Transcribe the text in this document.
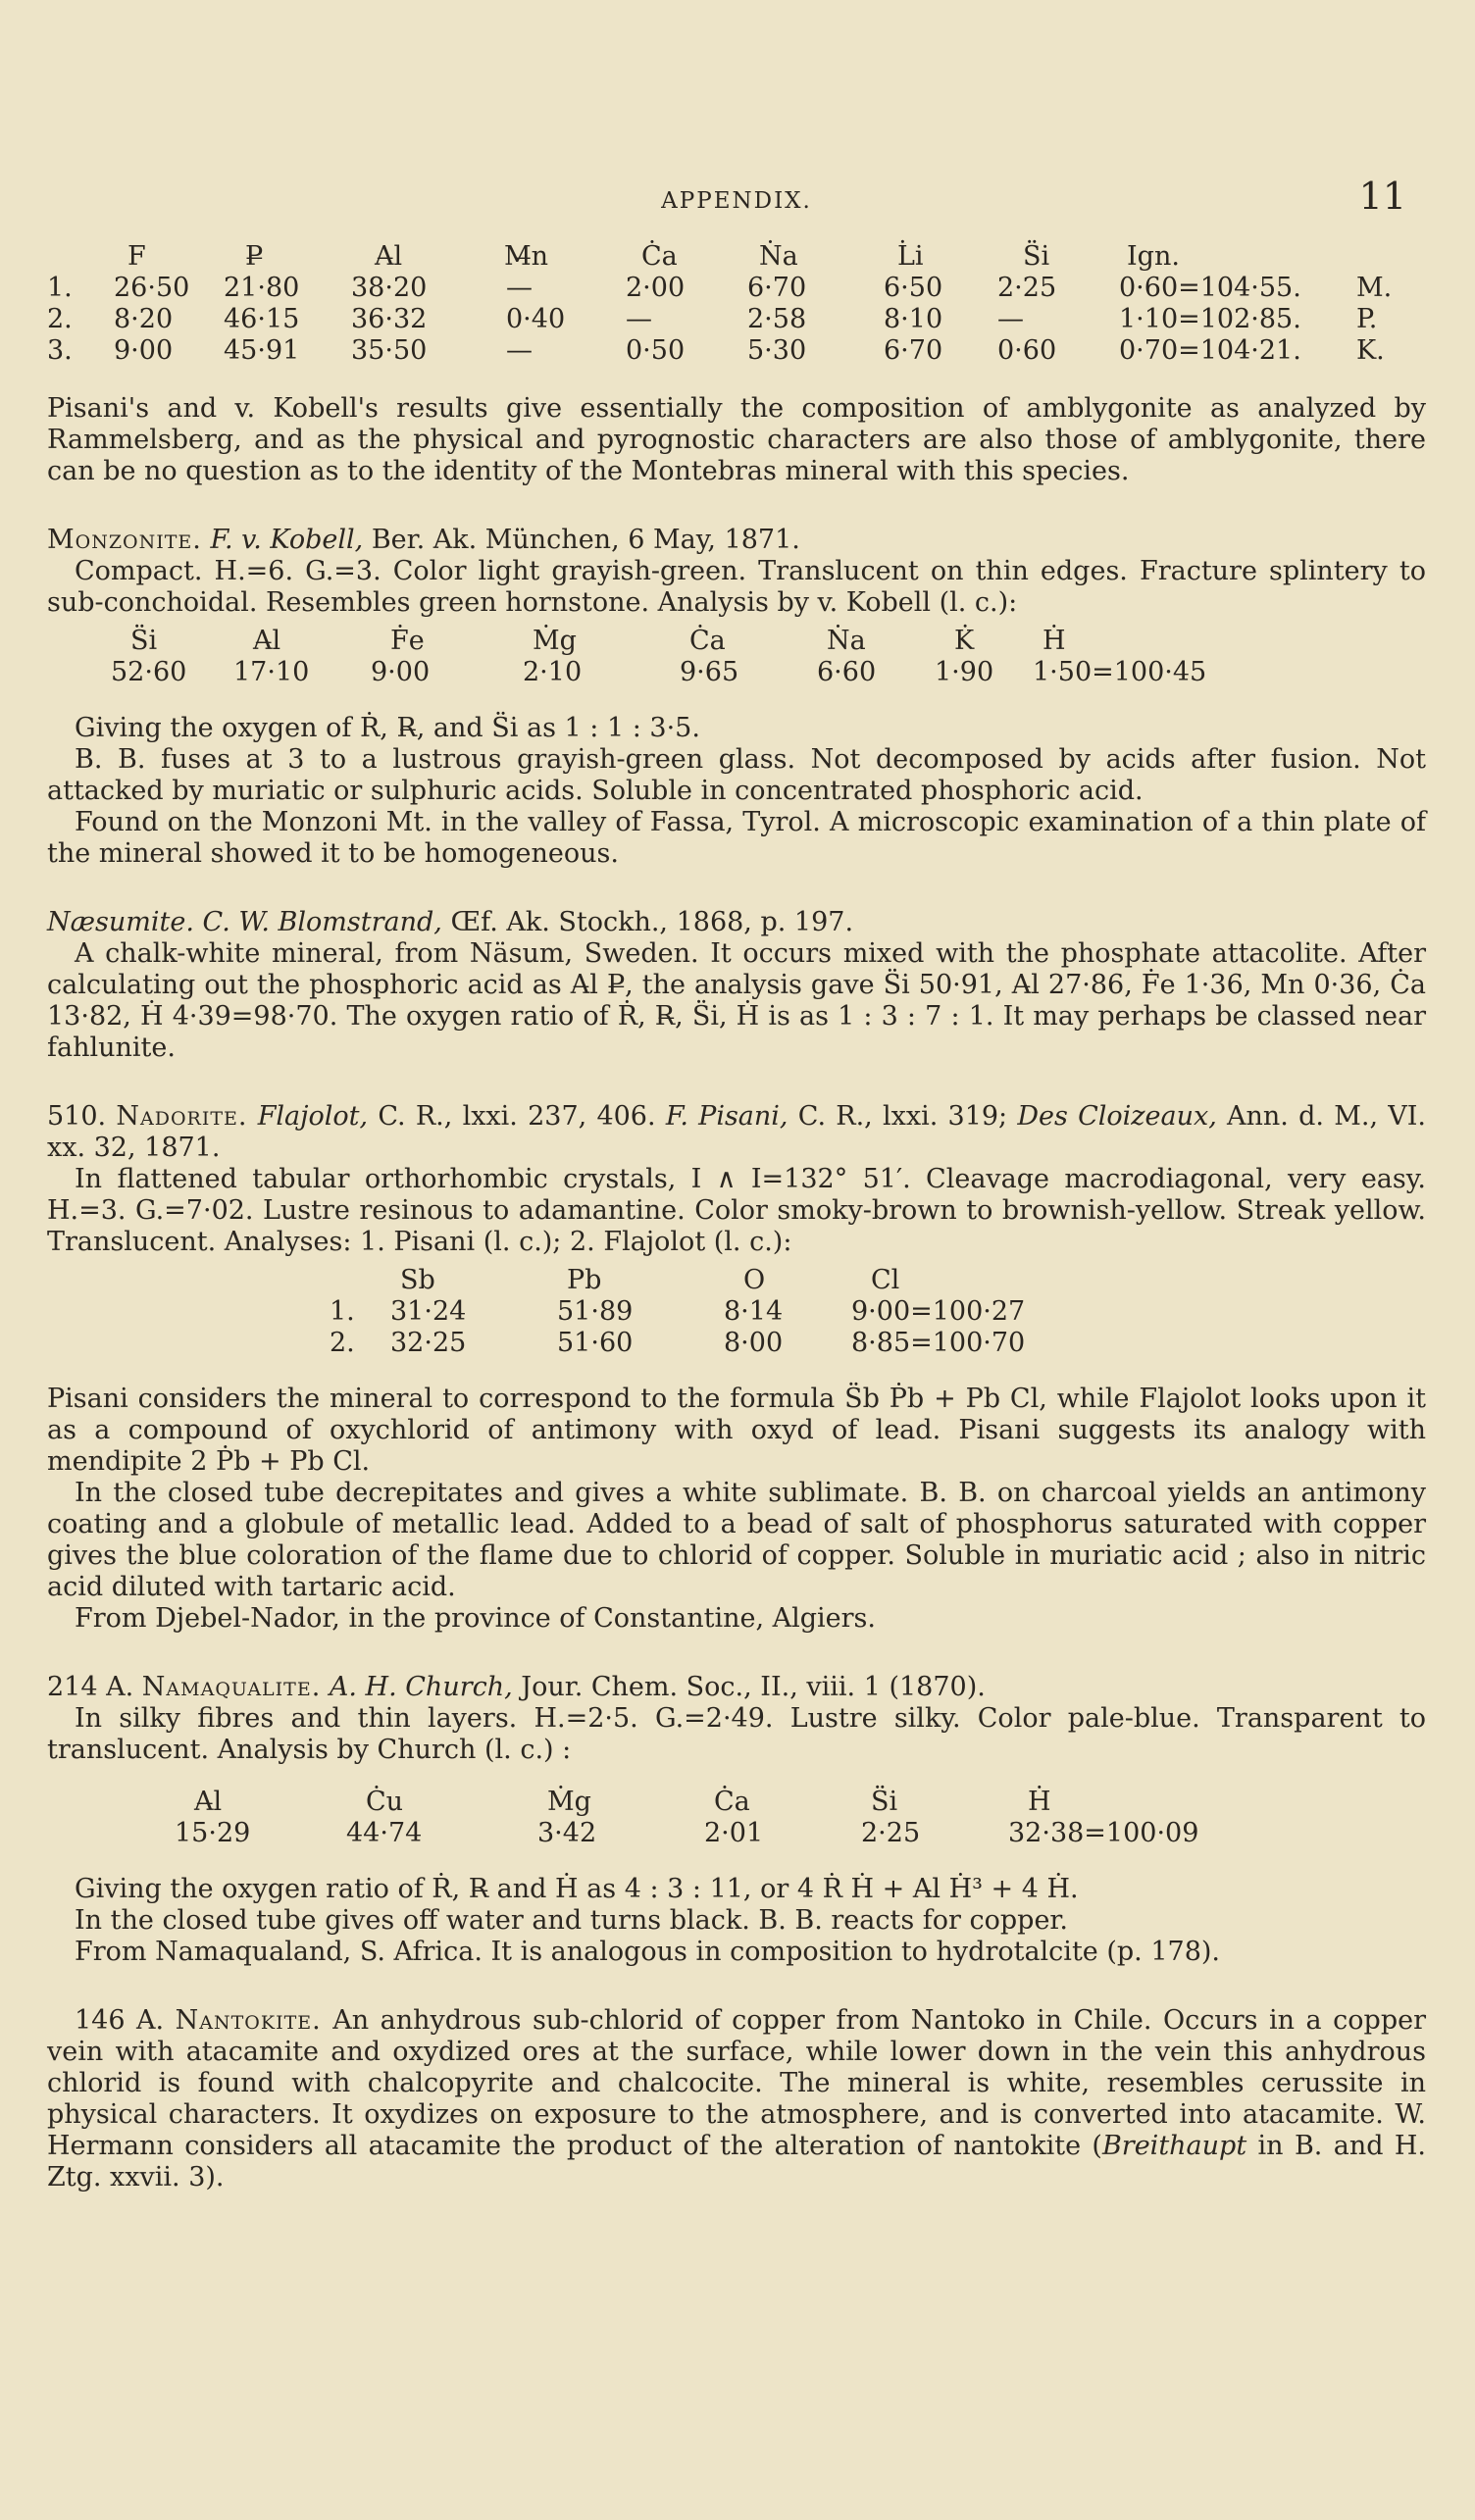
APPENDIX.	11
	F	P̶	A̶l	M̶n	Ċa	Ṅa	L̇i	S̈i	Ign.	
1.	26·50	21·80	38·20	—	2·00	6·70	6·50	2·25	0·60=104·55.	M.
2.	8·20	46·15	36·32	0·40	—	2·58	8·10	—	1·10=102·85.	P.
3.	9·00	45·91	35·50	—	0·50	5·30	6·70	0·60	0·70=104·21.	K.

Pisani's and v. Kobell's results give essentially the composition of amblygonite as analyzed by Rammelsberg, and as the physical and pyrognostic characters are also those of amblygonite, there can be no question as to the identity of the Montebras mineral with this species.

Monzonite. F. v. Kobell, Ber. Ak. München, 6 May, 1871.

Compact. H.=6. G.=3. Color light grayish-green. Translucent on thin edges. Fracture splintery to sub-conchoidal. Resembles green hornstone. Analysis by v. Kobell (l. c.):

S̈i	A̶l	Ḟe	Ṁg	Ċa	Ṅa	K̇	Ḣ
52·60	17·10	9·00	2·10	9·65	6·60	1·90	1·50=100·45

Giving the oxygen of Ṙ, R̶, and S̈i as 1 : 1 : 3·5.

B. B. fuses at 3 to a lustrous grayish-green glass. Not decomposed by acids after fusion. Not attacked by muriatic or sulphuric acids. Soluble in concentrated phosphoric acid.

Found on the Monzoni Mt. in the valley of Fassa, Tyrol. A microscopic examination of a thin plate of the mineral showed it to be homogeneous.

Næsumite. C. W. Blomstrand, Œf. Ak. Stockh., 1868, p. 197.

A chalk-white mineral, from Näsum, Sweden. It occurs mixed with the phosphate attacolite. After calculating out the phosphoric acid as A̶l P̶, the analysis gave S̈i 50·91, A̶l 27·86, Ḟe 1·36, Mn 0·36, Ċa 13·82, Ḣ 4·39=98·70. The oxygen ratio of Ṙ, R̶, S̈i, Ḣ is as 1 : 3 : 7 : 1. It may perhaps be classed near fahlunite.

510. Nadorite. Flajolot, C. R., lxxi. 237, 406. F. Pisani, C. R., lxxi. 319; Des Cloizeaux, Ann. d. M., VI. xx. 32, 1871.

In flattened tabular orthorhombic crystals, I ∧ I=132° 51′. Cleavage macrodiagonal, very easy. H.=3. G.=7·02. Lustre resinous to adamantine. Color smoky-brown to brownish-yellow. Streak yellow. Translucent. Analyses: 1. Pisani (l. c.); 2. Flajolot (l. c.):

	Sb	Pb	O	Cl
1.	31·24	51·89	8·14	9·00=100·27
2.	32·25	51·60	8·00	8·85=100·70

Pisani considers the mineral to correspond to the formula S̈b Ṗb + Pb Cl, while Flajolot looks upon it as a compound of oxychlorid of antimony with oxyd of lead. Pisani suggests its analogy with mendipite 2 Ṗb + Pb Cl.

In the closed tube decrepitates and gives a white sublimate. B. B. on charcoal yields an antimony coating and a globule of metallic lead. Added to a bead of salt of phosphorus saturated with copper gives the blue coloration of the flame due to chlorid of copper. Soluble in muriatic acid ; also in nitric acid diluted with tartaric acid.

From Djebel-Nador, in the province of Constantine, Algiers.

214 A. Namaqualite. A. H. Church, Jour. Chem. Soc., II., viii. 1 (1870).

In silky fibres and thin layers. H.=2·5. G.=2·49. Lustre silky. Color pale-blue. Transparent to translucent. Analysis by Church (l. c.) :

A̶l	Ċu	Ṁg	Ċa	S̈i	Ḣ
15·29	44·74	3·42	2·01	2·25	32·38=100·09

Giving the oxygen ratio of Ṙ, R̶ and Ḣ as 4 : 3 : 11, or 4 Ṙ Ḣ + A̶l Ḣ³ + 4 Ḣ.

In the closed tube gives off water and turns black. B. B. reacts for copper.

From Namaqualand, S. Africa. It is analogous in composition to hydrotalcite (p. 178).

146 A. Nantokite. An anhydrous sub-chlorid of copper from Nantoko in Chile. Occurs in a copper vein with atacamite and oxydized ores at the surface, while lower down in the vein this anhydrous chlorid is found with chalcopyrite and chalcocite. The mineral is white, resembles cerussite in physical characters. It oxydizes on exposure to the atmosphere, and is converted into atacamite. W. Hermann considers all atacamite the product of the alteration of nantokite (Breithaupt in B. and H. Ztg. xxvii. 3).
